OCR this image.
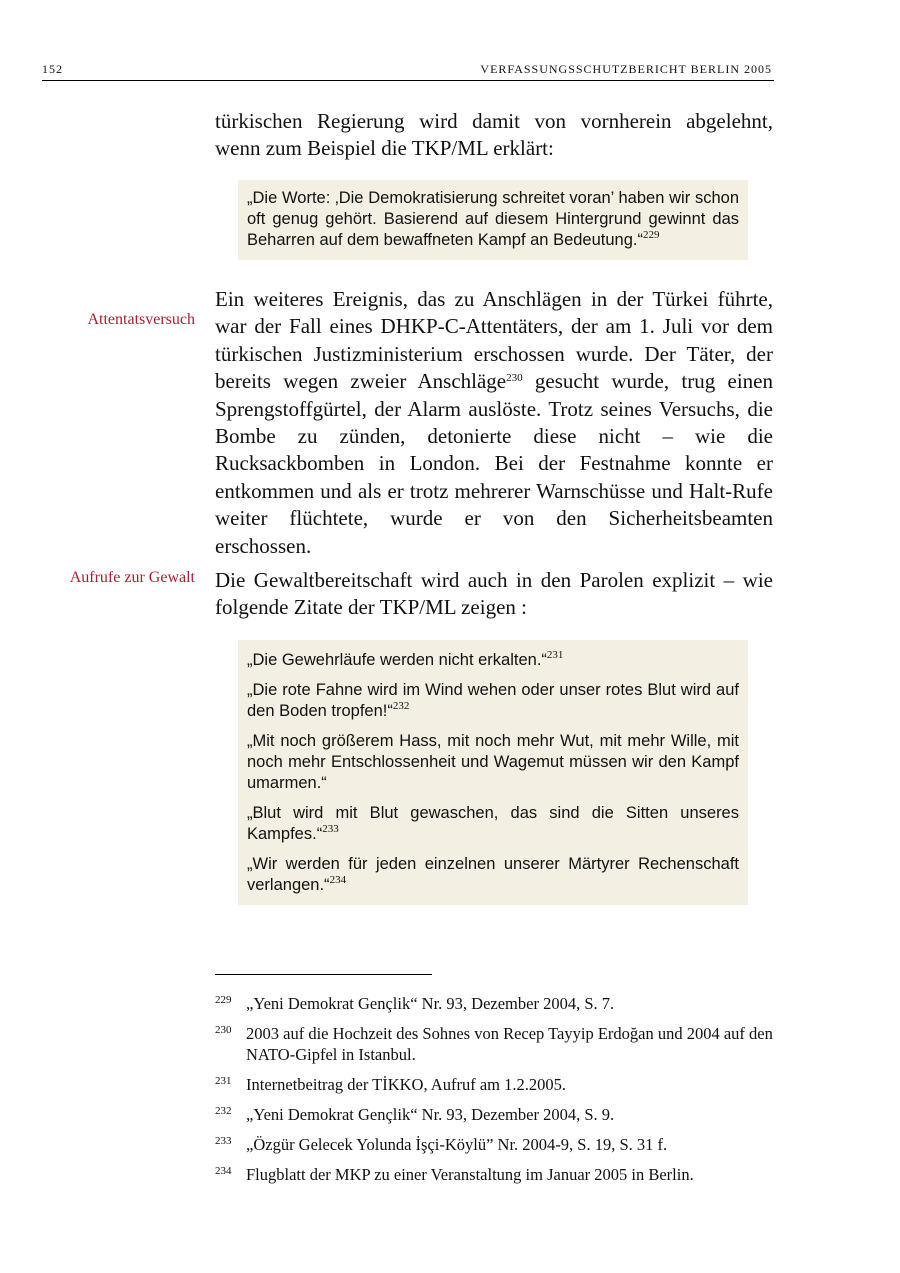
152	VERFASSUNGSSCHUTZBERICHT BERLIN 2005
türkischen Regierung wird damit von vornherein abgelehnt,
wenn zum Beispiel die TKP/ML erklärt:

„Die Worte: ‚Die Demokratisierung schreitet voran’ haben wir schon oft genug gehört. Basierend auf diesem Hintergrund gewinnt das Beharren auf dem bewaffneten Kampf an Bedeutung.“$^{229}$

Attentatsversuch

Ein weiteres Ereignis, das zu Anschlägen in der Türkei führte, war der Fall eines DHKP-C-Attentäters, der am 1. Juli vor dem türkischen Justizministerium erschossen wurde. Der Täter, der bereits wegen zweier Anschläge$^{230}$ gesucht wurde, trug einen Sprengstoffgürtel, der Alarm auslöste. Trotz seines Versuchs, die Bombe zu zünden, detonierte diese nicht – wie die Rucksackbomben in London. Bei der Festnahme konnte er entkommen und als er trotz mehrerer Warnschüsse und Halt-Rufe weiter flüchtete, wurde er von den Sicherheitsbeamten erschossen.

Aufrufe zur Gewalt Die Gewaltbereitschaft wird auch in den Parolen explizit – wie folgende Zitate der TKP/ML zeigen :

„Die Gewehrläufe werden nicht erkalten.“$^{231}$

„Die rote Fahne wird im Wind wehen oder unser rotes Blut wird auf den Boden tropfen!“$^{232}$

„Mit noch größerem Hass, mit noch mehr Wut, mit mehr Wille, mit noch mehr Entschlossenheit und Wagemut müssen wir den Kampf umarmen.“

„Blut wird mit Blut gewaschen, das sind die Sitten unseres Kampfes.“$^{233}$

„Wir werden für jeden einzelnen unserer Märtyrer Rechenschaft verlangen.“$^{234}$

229 „Yeni Demokrat Gençlik“ Nr. 93, Dezember 2004, S. 7.
230 2003 auf die Hochzeit des Sohnes von Recep Tayyip Erdoğan und 2004 auf den NATO-Gipfel in Istanbul.
231 Internetbeitrag der TİKKO, Aufruf am 1.2.2005.
232 „Yeni Demokrat Gençlik“ Nr. 93, Dezember 2004, S. 9.
233 „Özgür Gelecek Yolunda İşçi-Köylü” Nr. 2004-9, S. 19, S. 31 f.
234 Flugblatt der MKP zu einer Veranstaltung im Januar 2005 in Berlin.
